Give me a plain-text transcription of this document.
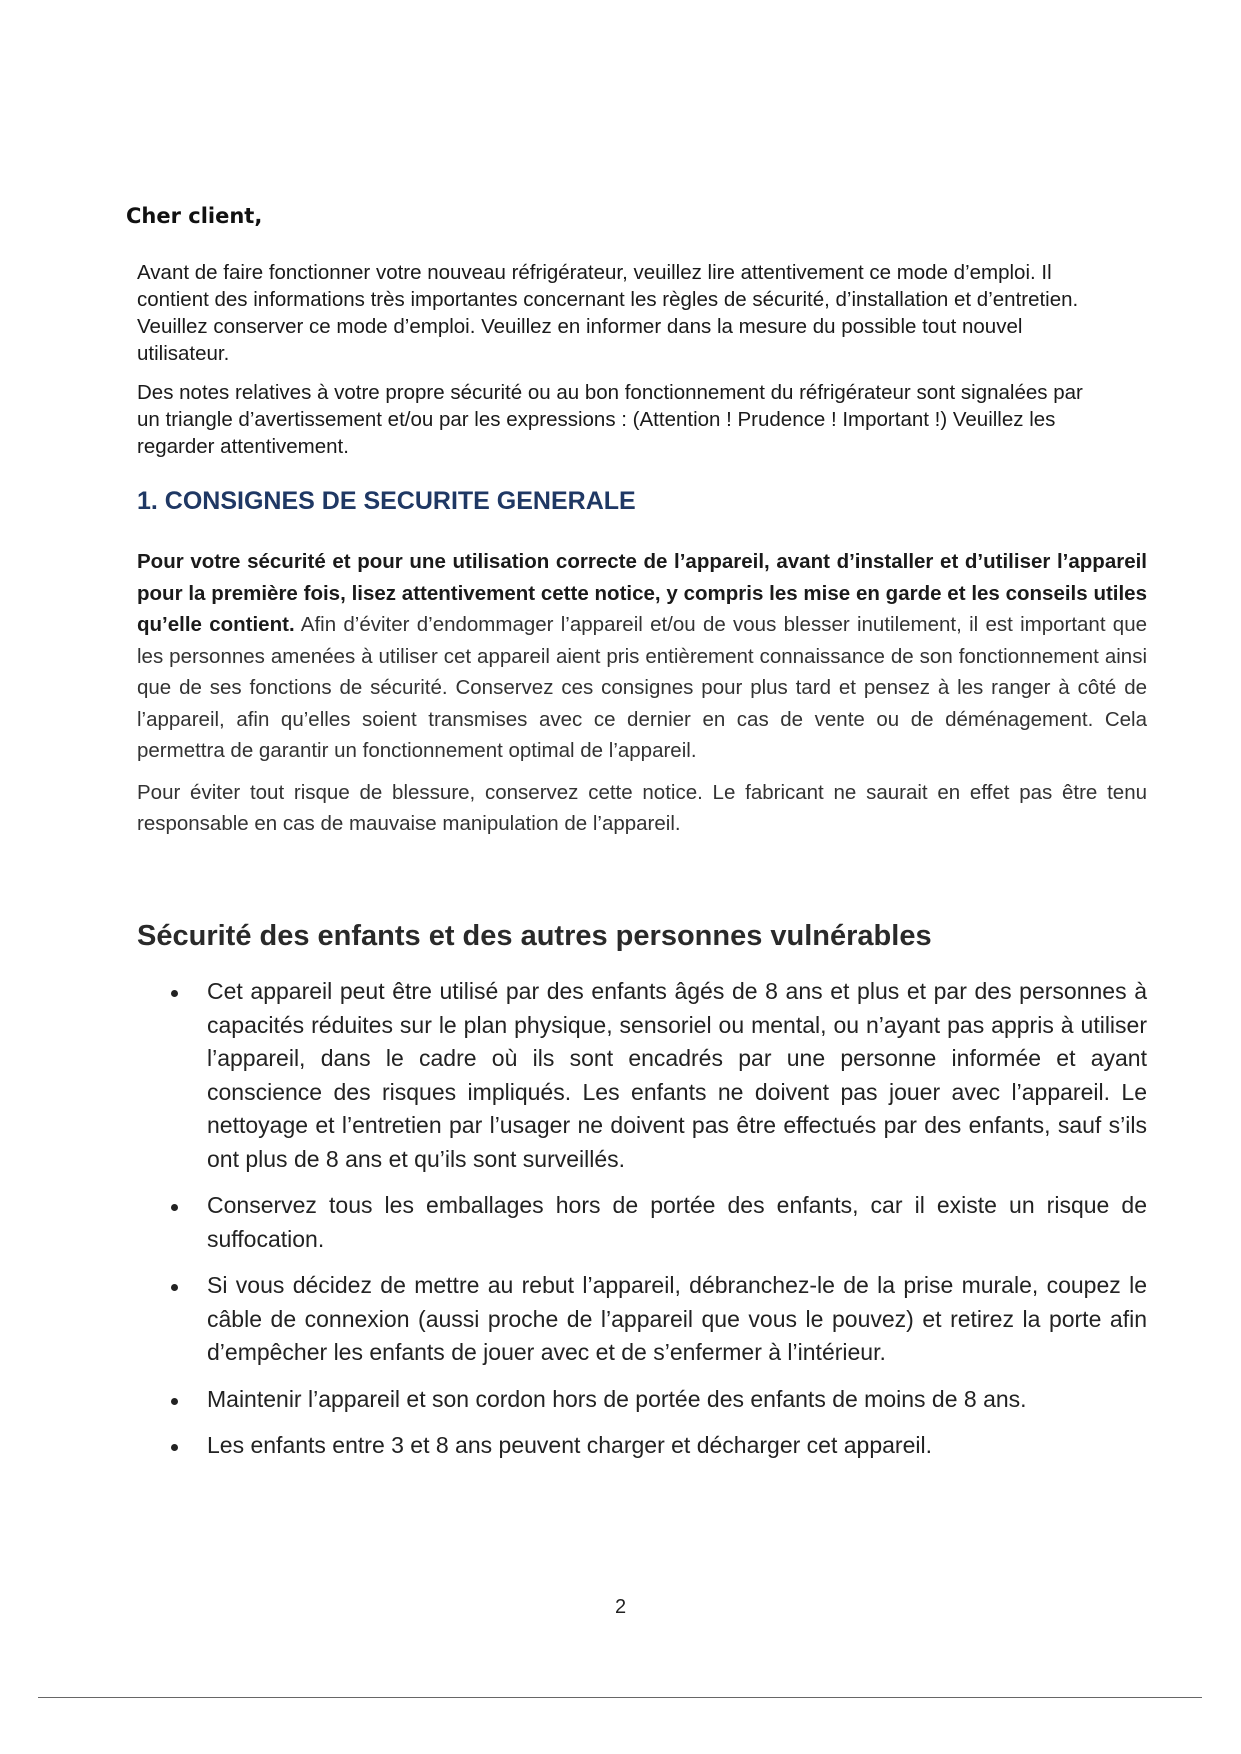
Cher client,

Avant de faire fonctionner votre nouveau réfrigérateur, veuillez lire attentivement ce mode d’emploi. Il contient des informations très importantes concernant les règles de sécurité, d’installation et d’entretien. Veuillez conserver ce mode d’emploi. Veuillez en informer dans la mesure du possible tout nouvel utilisateur.

Des notes relatives à votre propre sécurité ou au bon fonctionnement du réfrigérateur sont signalées par un triangle d’avertissement et/ou par les expressions : (Attention ! Prudence ! Important !) Veuillez les regarder attentivement.

1. CONSIGNES DE SECURITE GENERALE

Pour votre sécurité et pour une utilisation correcte de l’appareil, avant d’installer et d’utiliser l’appareil pour la première fois, lisez attentivement cette notice, y compris les mise en garde et les conseils utiles qu’elle contient. Afin d’éviter d’endommager l’appareil et/ou de vous blesser inutilement, il est important que les personnes amenées à utiliser cet appareil aient pris entièrement connaissance de son fonctionnement ainsi que de ses fonctions de sécurité. Conservez ces consignes pour plus tard et pensez à les ranger à côté de l’appareil, afin qu’elles soient transmises avec ce dernier en cas de vente ou de déménagement. Cela permettra de garantir un fonctionnement optimal de l’appareil.

Pour éviter tout risque de blessure, conservez cette notice. Le fabricant ne saurait en effet pas être tenu responsable en cas de mauvaise manipulation de l’appareil.

Sécurité des enfants et des autres personnes vulnérables
Cet appareil peut être utilisé par des enfants âgés de 8 ans et plus et par des personnes à capacités réduites sur le plan physique, sensoriel ou mental, ou n’ayant pas appris à utiliser l’appareil, dans le cadre où ils sont encadrés par une personne informée et ayant conscience des risques impliqués. Les enfants ne doivent pas jouer avec l’appareil. Le nettoyage et l’entretien par l’usager ne doivent pas être effectués par des enfants, sauf s’ils ont plus de 8 ans et qu’ils sont surveillés.
Conservez tous les emballages hors de portée des enfants, car il existe un risque de suffocation.
Si vous décidez de mettre au rebut l’appareil, débranchez-le de la prise murale, coupez le câble de connexion (aussi proche de l’appareil que vous le pouvez) et retirez la porte afin d’empêcher les enfants de jouer avec et de s’enfermer à l’intérieur.
Maintenir l’appareil et son cordon hors de portée des enfants de moins de 8 ans.
Les enfants entre 3 et 8 ans peuvent charger et décharger cet appareil.
2
